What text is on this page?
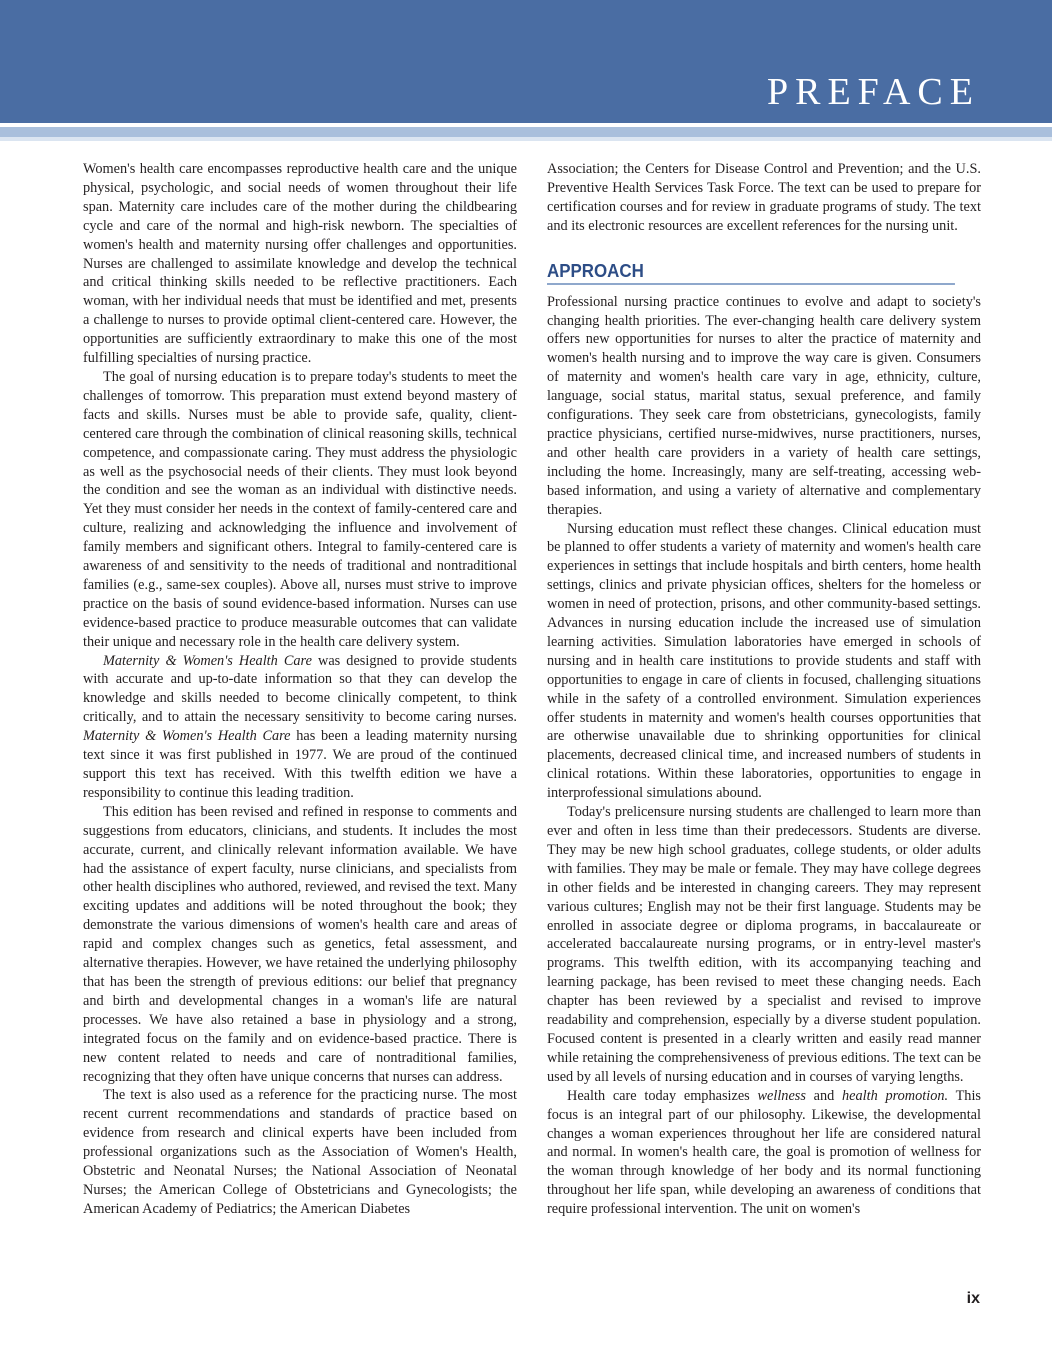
PREFACE

Women's health care encompasses reproductive health care and the unique physical, psychologic, and social needs of women throughout their life span. Maternity care includes care of the mother during the childbearing cycle and care of the normal and high-risk newborn. The specialties of women's health and maternity nursing offer challenges and opportunities. Nurses are challenged to assimilate knowledge and develop the technical and critical thinking skills needed to be reflective practitioners. Each woman, with her individual needs that must be identified and met, presents a challenge to nurses to provide optimal client-centered care. However, the opportunities are sufficiently extraordinary to make this one of the most fulfilling specialties of nursing practice.

The goal of nursing education is to prepare today's students to meet the challenges of tomorrow. This preparation must extend beyond mastery of facts and skills. Nurses must be able to provide safe, quality, client-centered care through the combination of clinical reasoning skills, technical competence, and compassionate caring. They must address the physiologic as well as the psychosocial needs of their clients. They must look beyond the condition and see the woman as an individual with distinctive needs. Yet they must consider her needs in the context of family-centered care and culture, realizing and acknowledging the influence and involvement of family members and significant others. Integral to family-centered care is awareness of and sensitivity to the needs of traditional and nontraditional families (e.g., same-sex couples). Above all, nurses must strive to improve practice on the basis of sound evidence-based information. Nurses can use evidence-based practice to produce measurable outcomes that can validate their unique and necessary role in the health care delivery system.

Maternity & Women's Health Care was designed to provide students with accurate and up-to-date information so that they can develop the knowledge and skills needed to become clinically competent, to think critically, and to attain the necessary sensitivity to become caring nurses. Maternity & Women's Health Care has been a leading maternity nursing text since it was first published in 1977. We are proud of the continued support this text has received. With this twelfth edition we have a responsibility to continue this leading tradition.

This edition has been revised and refined in response to comments and suggestions from educators, clinicians, and students. It includes the most accurate, current, and clinically relevant information available. We have had the assistance of expert faculty, nurse clinicians, and specialists from other health disciplines who authored, reviewed, and revised the text. Many exciting updates and additions will be noted throughout the book; they demonstrate the various dimensions of women's health care and areas of rapid and complex changes such as genetics, fetal assessment, and alternative therapies. However, we have retained the underlying philosophy that has been the strength of previous editions: our belief that pregnancy and birth and developmental changes in a woman's life are natural processes. We have also retained a base in physiology and a strong, integrated focus on the family and on evidence-based practice. There is new content related to needs and care of nontraditional families, recognizing that they often have unique concerns that nurses can address.

The text is also used as a reference for the practicing nurse. The most recent current recommendations and standards of practice based on evidence from research and clinical experts have been included from professional organizations such as the Association of Women's Health, Obstetric and Neonatal Nurses; the National Association of Neonatal Nurses; the American College of Obstetricians and Gynecologists; the American Academy of Pediatrics; the American Diabetes

Association; the Centers for Disease Control and Prevention; and the U.S. Preventive Health Services Task Force. The text can be used to prepare for certification courses and for review in graduate programs of study. The text and its electronic resources are excellent references for the nursing unit.

APPROACH

Professional nursing practice continues to evolve and adapt to society's changing health priorities. The ever-changing health care delivery system offers new opportunities for nurses to alter the practice of maternity and women's health nursing and to improve the way care is given. Consumers of maternity and women's health care vary in age, ethnicity, culture, language, social status, marital status, sexual preference, and family configurations. They seek care from obstetricians, gynecologists, family practice physicians, certified nurse-midwives, nurse practitioners, nurses, and other health care providers in a variety of health care settings, including the home. Increasingly, many are self-treating, accessing web-based information, and using a variety of alternative and complementary therapies.

Nursing education must reflect these changes. Clinical education must be planned to offer students a variety of maternity and women's health care experiences in settings that include hospitals and birth centers, home health settings, clinics and private physician offices, shelters for the homeless or women in need of protection, prisons, and other community-based settings. Advances in nursing education include the increased use of simulation learning activities. Simulation laboratories have emerged in schools of nursing and in health care institutions to provide students and staff with opportunities to engage in care of clients in focused, challenging situations while in the safety of a controlled environment. Simulation experiences offer students in maternity and women's health courses opportunities that are otherwise unavailable due to shrinking opportunities for clinical placements, decreased clinical time, and increased numbers of students in clinical rotations. Within these laboratories, opportunities to engage in interprofessional simulations abound.

Today's prelicensure nursing students are challenged to learn more than ever and often in less time than their predecessors. Students are diverse. They may be new high school graduates, college students, or older adults with families. They may be male or female. They may have college degrees in other fields and be interested in changing careers. They may represent various cultures; English may not be their first language. Students may be enrolled in associate degree or diploma programs, in baccalaureate or accelerated baccalaureate nursing programs, or in entry-level master's programs. This twelfth edition, with its accompanying teaching and learning package, has been revised to meet these changing needs. Each chapter has been reviewed by a specialist and revised to improve readability and comprehension, especially by a diverse student population. Focused content is presented in a clearly written and easily read manner while retaining the comprehensiveness of previous editions. The text can be used by all levels of nursing education and in courses of varying lengths.

Health care today emphasizes wellness and health promotion. This focus is an integral part of our philosophy. Likewise, the developmental changes a woman experiences throughout her life are considered natural and normal. In women's health care, the goal is promotion of wellness for the woman through knowledge of her body and its normal functioning throughout her life span, while developing an awareness of conditions that require professional intervention. The unit on women's

ix
